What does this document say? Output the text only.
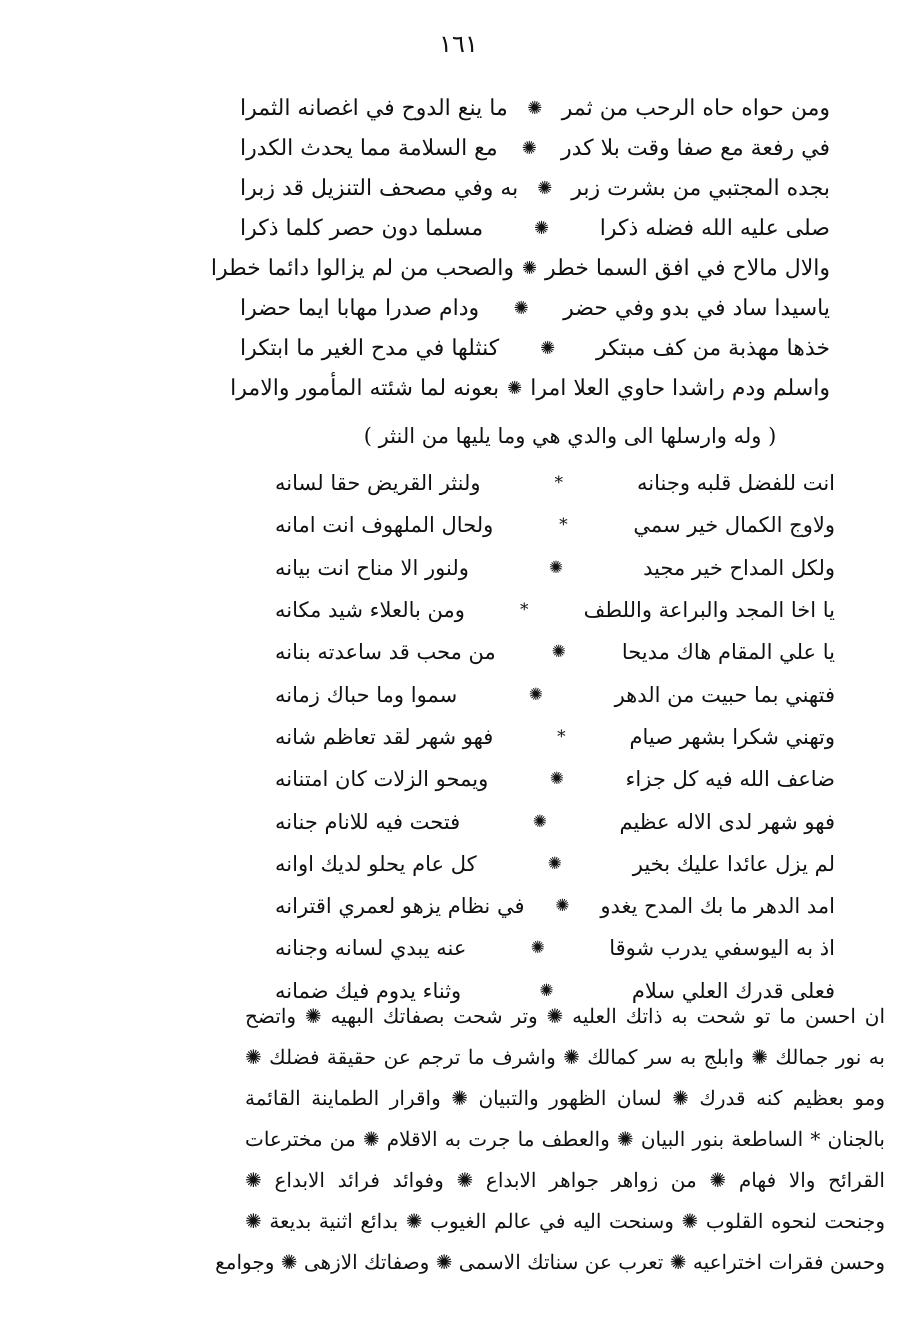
١٦١
ومن حواه حاه الرحب من ثمر
✺
ما ينع الدوح في اغصانه الثمرا
في رفعة مع صفا وقت بلا كدر
✺
مع السلامة مما يحدث الكدرا
بجده المجتبي من بشرت زبر
✺
به وفي مصحف التنزيل قد زبرا
صلى عليه الله فضله ذكرا
✺
مسلما دون حصر كلما ذكرا
والال مالاح في افق السما خطر
✺
والصحب من لم يزالوا دائما خطرا
ياسيدا ساد في بدو وفي حضر
✺
ودام صدرا مهابا ايما حضرا
خذها مهذبة من كف مبتكر
✺
كنثلها في مدح الغير ما ابتكرا
واسلم ودم راشدا حاوي العلا امرا
✺
بعونه لما شئته المأمور والامرا
( وله وارسلها الى والدي هي وما يليها من النثر )
انت للفضل قلبه وجنانه
*
ولنثر القريض حقا لسانه
ولاوج الكمال خير سمي
*
ولحال الملهوف انت امانه
ولكل المداح خير مجيد
✺
ولنور الا مناح انت بيانه
يا اخا المجد والبراعة واللطف
*
ومن بالعلاء شيد مكانه
يا علي المقام هاك مديحا
✺
من محب قد ساعدته بنانه
فتهني بما حبيت من الدهر
✺
سموا وما حباك زمانه
وتهني شكرا بشهر صيام
*
فهو شهر لقد تعاظم شانه
ضاعف الله فيه كل جزاء
✺
ويمحو الزلات كان امتنانه
فهو شهر لدى الاله عظيم
✺
فتحت فيه للانام جنانه
لم يزل عائدا عليك بخير
✺
كل عام يحلو لديك اوانه
امد الدهر ما بك المدح يغدو
✺
في نظام يزهو لعمري اقترانه
اذ به اليوسفي يدرب شوقا
✺
عنه يبدي لسانه وجنانه
فعلى قدرك العلي سلام
✺
وثناء يدوم فيك ضمانه
ان احسن ما تو شحت به ذاتك العليه ✺ وتر شحت بصفاتك البهيه ✺ واتضح
به نور جمالك ✺ وابلج به سر كمالك ✺ واشرف ما ترجم عن حقيقة فضلك ✺
ومو بعظيم كنه قدرك ✺ لسان الظهور والتبيان ✺ واقرار الطماينة القائمة
بالجنان * الساطعة بنور البيان ✺ والعطف ما جرت به الاقلام ✺ من مخترعات
القرائح والا فهام ✺ من زواهر جواهر الابداع ✺ وفوائد فرائد الابداع ✺
وجنحت لنحوه القلوب ✺ وسنحت اليه في عالم الغيوب ✺ بدائع اثنية بديعة ✺
وحسن فقرات اختراعيه ✺ تعرب عن سناتك الاسمى ✺ وصفاتك الازهى ✺ وجوامع
